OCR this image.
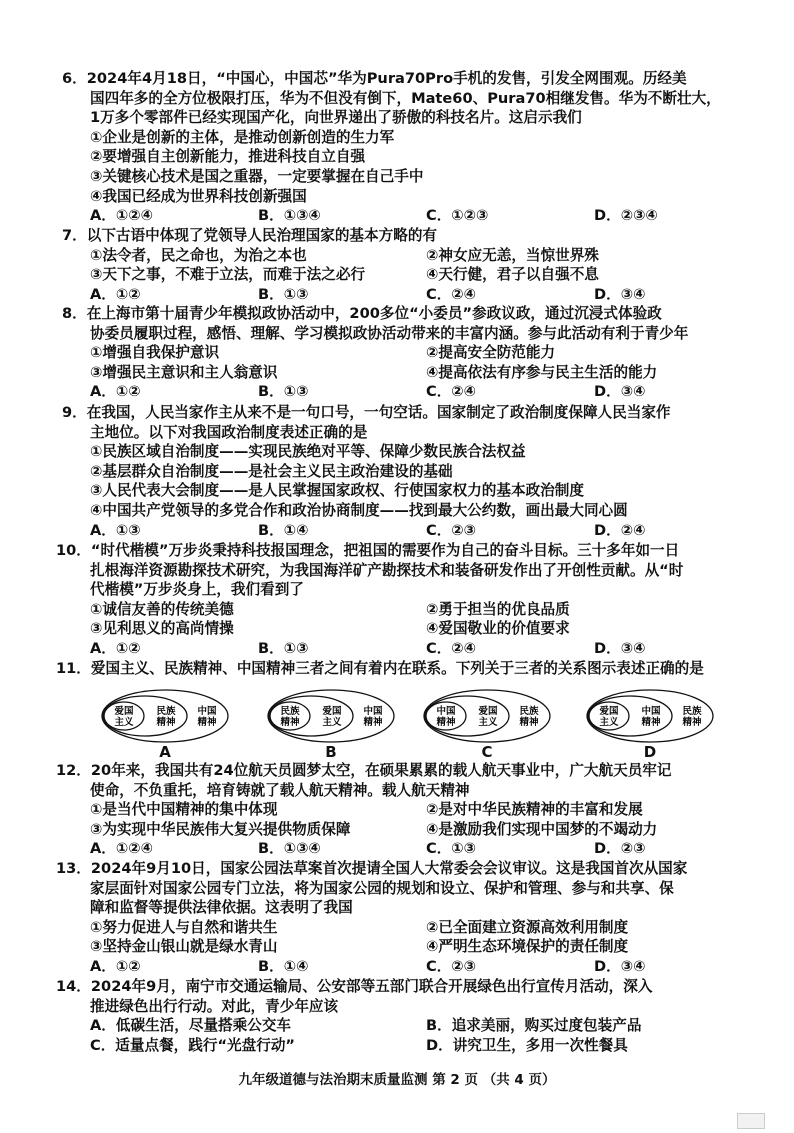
6．2024年4月18日，“中国心，中国芯”华为Pura70Pro手机的发售，引发全网围观。历经美
国四年多的全方位极限打压，华为不但没有倒下，Mate60、Pura70相继发售。华为不断壮大，
1万多个零部件已经实现国产化，向世界递出了骄傲的科技名片。这启示我们
①企业是创新的主体，是推动创新创造的生力军
②要增强自主创新能力，推进科技自立自强
③关键核心技术是国之重器，一定要掌握在自己手中
④我国已经成为世界科技创新强国
A．①②④	B．①③④	C．①②③	D．②③④
7．以下古语中体现了党领导人民治理国家的基本方略的有
①法令者，民之命也，为治之本也	②神女应无恙，当惊世界殊
③天下之事，不难于立法，而难于法之必行	④天行健，君子以自强不息
A．①②	B．①③	C．②④	D．③④
8．在上海市第十届青少年模拟政协活动中，200多位“小委员”参政议政，通过沉浸式体验政
协委员履职过程，感悟、理解、学习模拟政协活动带来的丰富内涵。参与此活动有利于青少年
①增强自我保护意识	②提高安全防范能力
③增强民主意识和主人翁意识	④提高依法有序参与民主生活的能力
A．①②	B．①③	C．②④	D．③④
9．在我国，人民当家作主从来不是一句口号，一句空话。国家制定了政治制度保障人民当家作
主地位。以下对我国政治制度表述正确的是
①民族区域自治制度——实现民族绝对平等、保障少数民族合法权益
②基层群众自治制度——是社会主义民主政治建设的基础
③人民代表大会制度——是人民掌握国家政权、行使国家权力的基本政治制度
④中国共产党领导的多党合作和政治协商制度——找到最大公约数，画出最大同心圆
A．①③	B．①④	C．②③	D．②④
10．“时代楷模”万步炎秉持科技报国理念，把祖国的需要作为自己的奋斗目标。三十多年如一日
扎根海洋资源勘探技术研究，为我国海洋矿产勘探技术和装备研发作出了开创性贡献。从“时
代楷模”万步炎身上，我们看到了
①诚信友善的传统美德	②勇于担当的优良品质
③见利思义的高尚情操	④爱国敬业的价值要求
A．①②	B．①③	C．②④	D．③④
11．爱国主义、民族精神、中国精神三者之间有着内在联系。下列关于三者的关系图示表述正确的是
爱国
主义
民族
精神
中国
精神
A
民族
精神
爱国
主义
中国
精神
B
中国
精神
爱国
主义
民族
精神
C
爱国
主义
中国
精神
民族
精神
D
12．20年来，我国共有24位航天员圆梦太空，在硕果累累的载人航天事业中，广大航天员牢记
使命，不负重托，培育铸就了载人航天精神。载人航天精神
①是当代中国精神的集中体现	②是对中华民族精神的丰富和发展
③为实现中华民族伟大复兴提供物质保障	④是激励我们实现中国梦的不竭动力
A．①②④	B．①③④	C．①③	D．②③
13．2024年9月10日，国家公园法草案首次提请全国人大常委会会议审议。这是我国首次从国家
家层面针对国家公园专门立法，将为国家公园的规划和设立、保护和管理、参与和共享、保
障和监督等提供法律依据。这表明了我国
①努力促进人与自然和谐共生	②已全面建立资源高效利用制度
③坚持金山银山就是绿水青山	④严明生态环境保护的责任制度
A．①②	B．①④	C．②③	D．③④
14．2024年9月，南宁市交通运输局、公安部等五部门联合开展绿色出行宣传月活动，深入
推进绿色出行行动。对此，青少年应该
A．低碳生活，尽量搭乘公交车	B．追求美丽，购买过度包装产品
C．适量点餐，践行“光盘行动”	D．讲究卫生，多用一次性餐具
九年级道德与法治期末质量监测 第 2 页 （共 4 页）
